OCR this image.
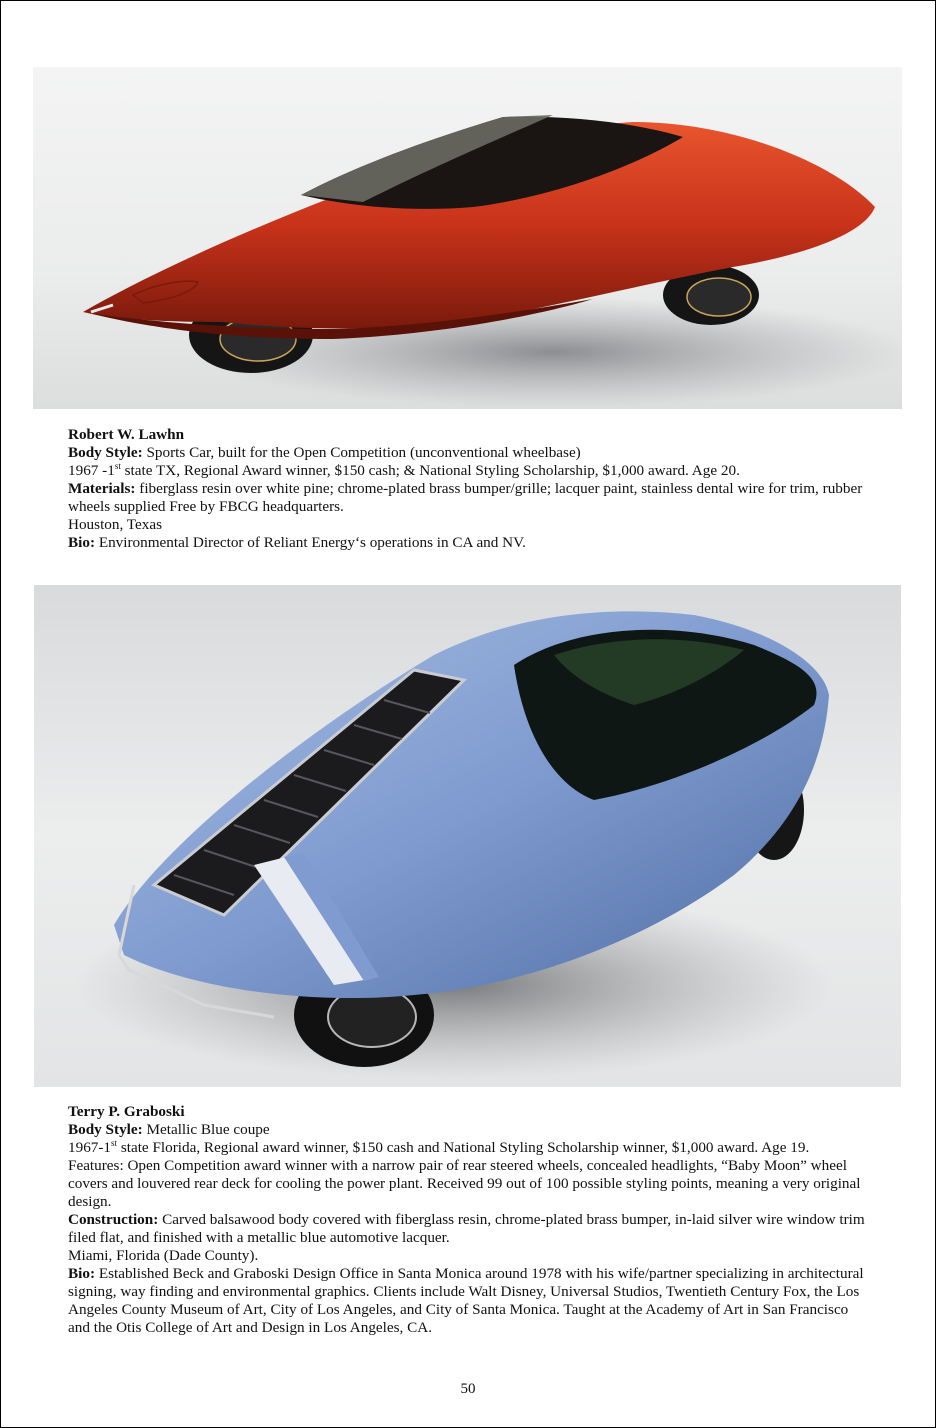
Robert W. Lawhn

Body Style: Sports Car, built for the Open Competition (unconventional wheelbase)

1967 -1st state TX, Regional Award winner, $150 cash; & National Styling Scholarship, $1,000 award. Age 20.

Materials: fiberglass resin over white pine; chrome-plated brass bumper/grille; lacquer paint, stainless dental wire for trim, rubber wheels supplied Free by FBCG headquarters.

Houston, Texas

Bio: Environmental Director of Reliant Energy‘s operations in CA and NV.

Terry P. Graboski

Body Style: Metallic Blue coupe

1967-1st state Florida, Regional award winner, $150 cash and National Styling Scholarship winner, $1,000 award. Age 19.

Features: Open Competition award winner with a narrow pair of rear steered wheels, concealed headlights, “Baby Moon” wheel covers and louvered rear deck for cooling the power plant. Received 99 out of 100 possible styling points, meaning a very original design.

Construction: Carved balsawood body covered with fiberglass resin, chrome-plated brass bumper, in-laid silver wire window trim filed flat, and finished with a metallic blue automotive lacquer.

Miami, Florida (Dade County).

Bio: Established Beck and Graboski Design Office in Santa Monica around 1978 with his wife/partner specializing in architectural signing, way finding and environmental graphics. Clients include Walt Disney, Universal Studios, Twentieth Century Fox, the Los Angeles County Museum of Art, City of Los Angeles, and City of Santa Monica. Taught at the Academy of Art in San Francisco and the Otis College of Art and Design in Los Angeles, CA.

50
